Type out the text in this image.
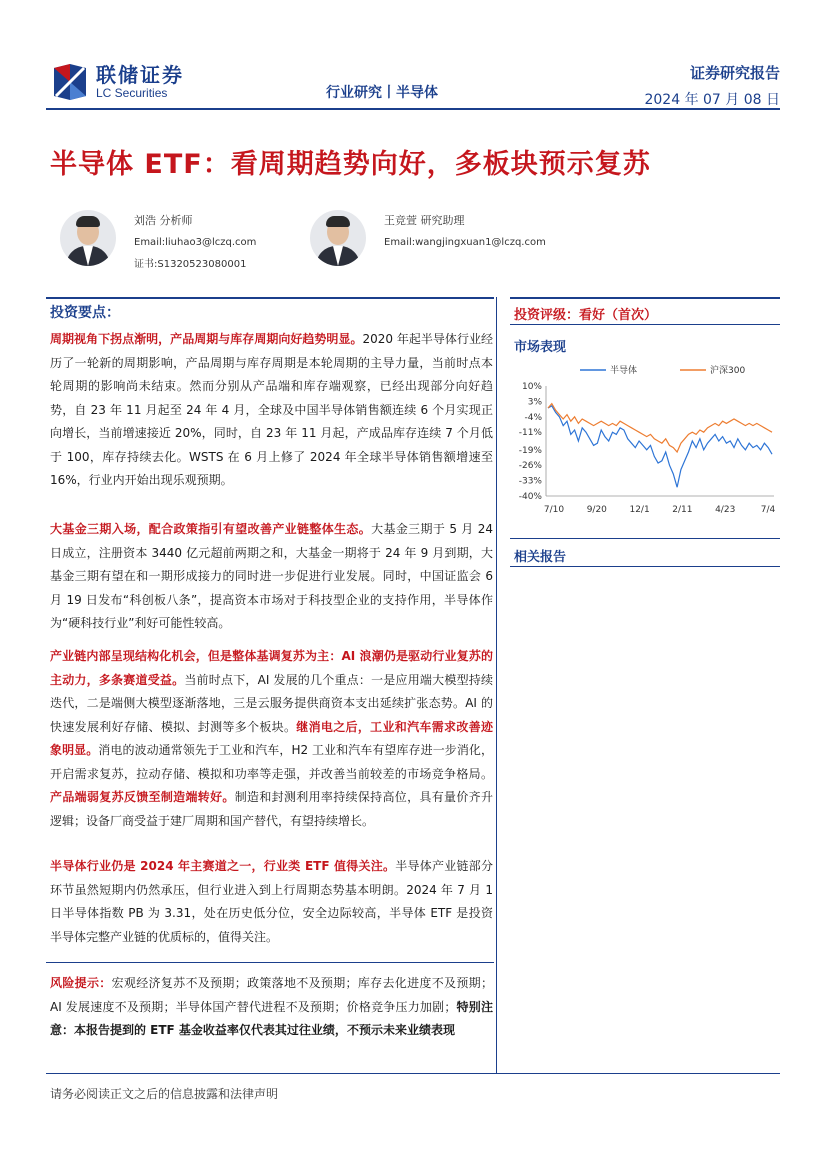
联储证券
LC Securities	行业研究丨半导体
证券研究报告
2024 年 07 月 08 日
半导体 ETF：看周期趋势向好，多板块预示复苏
刘浩 分析师
Email:liuhao3@lczq.com
证书:S1320523080001
王竞萱 研究助理
Email:wangjingxuan1@lczq.com
投资要点：
周期视角下拐点渐明，产品周期与库存周期向好趋势明显。2020 年起半导体行业经历了一轮新的周期影响，产品周期与库存周期是本轮周期的主导力量，当前时点本轮周期的影响尚未结束。然而分别从产品端和库存端观察，已经出现部分向好趋势，自 23 年 11 月起至 24 年 4 月，全球及中国半导体销售额连续 6 个月实现正向增长，当前增速接近 20%，同时，自 23 年 11 月起，产成品库存连续 7 个月低于 100，库存持续去化。WSTS 在 6 月上修了 2024 年全球半导体销售额增速至 16%，行业内开始出现乐观预期。
大基金三期入场，配合政策指引有望改善产业链整体生态。大基金三期于 5 月 24 日成立，注册资本 3440 亿元超前两期之和，大基金一期将于 24 年 9 月到期，大基金三期有望在和一期形成接力的同时进一步促进行业发展。同时，中国证监会 6 月 19 日发布“科创板八条”，提高资本市场对于科技型企业的支持作用，半导体作为“硬科技行业”利好可能性较高。
产业链内部呈现结构化机会，但是整体基调复苏为主：AI 浪潮仍是驱动行业复苏的主动力，多条赛道受益。当前时点下，AI 发展的几个重点：一是应用端大模型持续迭代，二是端侧大模型逐渐落地，三是云服务提供商资本支出延续扩张态势。AI 的快速发展利好存储、模拟、封测等多个板块。继消电之后，工业和汽车需求改善迹象明显。消电的波动通常领先于工业和汽车，H2 工业和汽车有望库存进一步消化，开启需求复苏，拉动存储、模拟和功率等走强，并改善当前较差的市场竞争格局。产品端弱复苏反馈至制造端转好。制造和封测利用率持续保持高位，具有量价齐升逻辑；设备厂商受益于建厂周期和国产替代，有望持续增长。
半导体行业仍是 2024 年主赛道之一，行业类 ETF 值得关注。半导体产业链部分环节虽然短期内仍然承压，但行业进入到上行周期态势基本明朗。2024 年 7 月 1 日半导体指数 PB 为 3.31，处在历史低分位，安全边际较高，半导体 ETF 是投资半导体完整产业链的优质标的，值得关注。
风险提示：宏观经济复苏不及预期；政策落地不及预期；库存去化进度不及预期；AI 发展速度不及预期；半导体国产替代进程不及预期；价格竞争压力加剧；特别注意：本报告提到的 ETF 基金收益率仅代表其过往业绩，不预示未来业绩表现
投资评级：看好（首次）
市场表现
半导体	沪深300
10%
3%
-4%
-11%
-19%
-26%
-33%
-40%
7/10	9/20	12/1	2/11	4/23	7/4
相关报告
请务必阅读正文之后的信息披露和法律声明
